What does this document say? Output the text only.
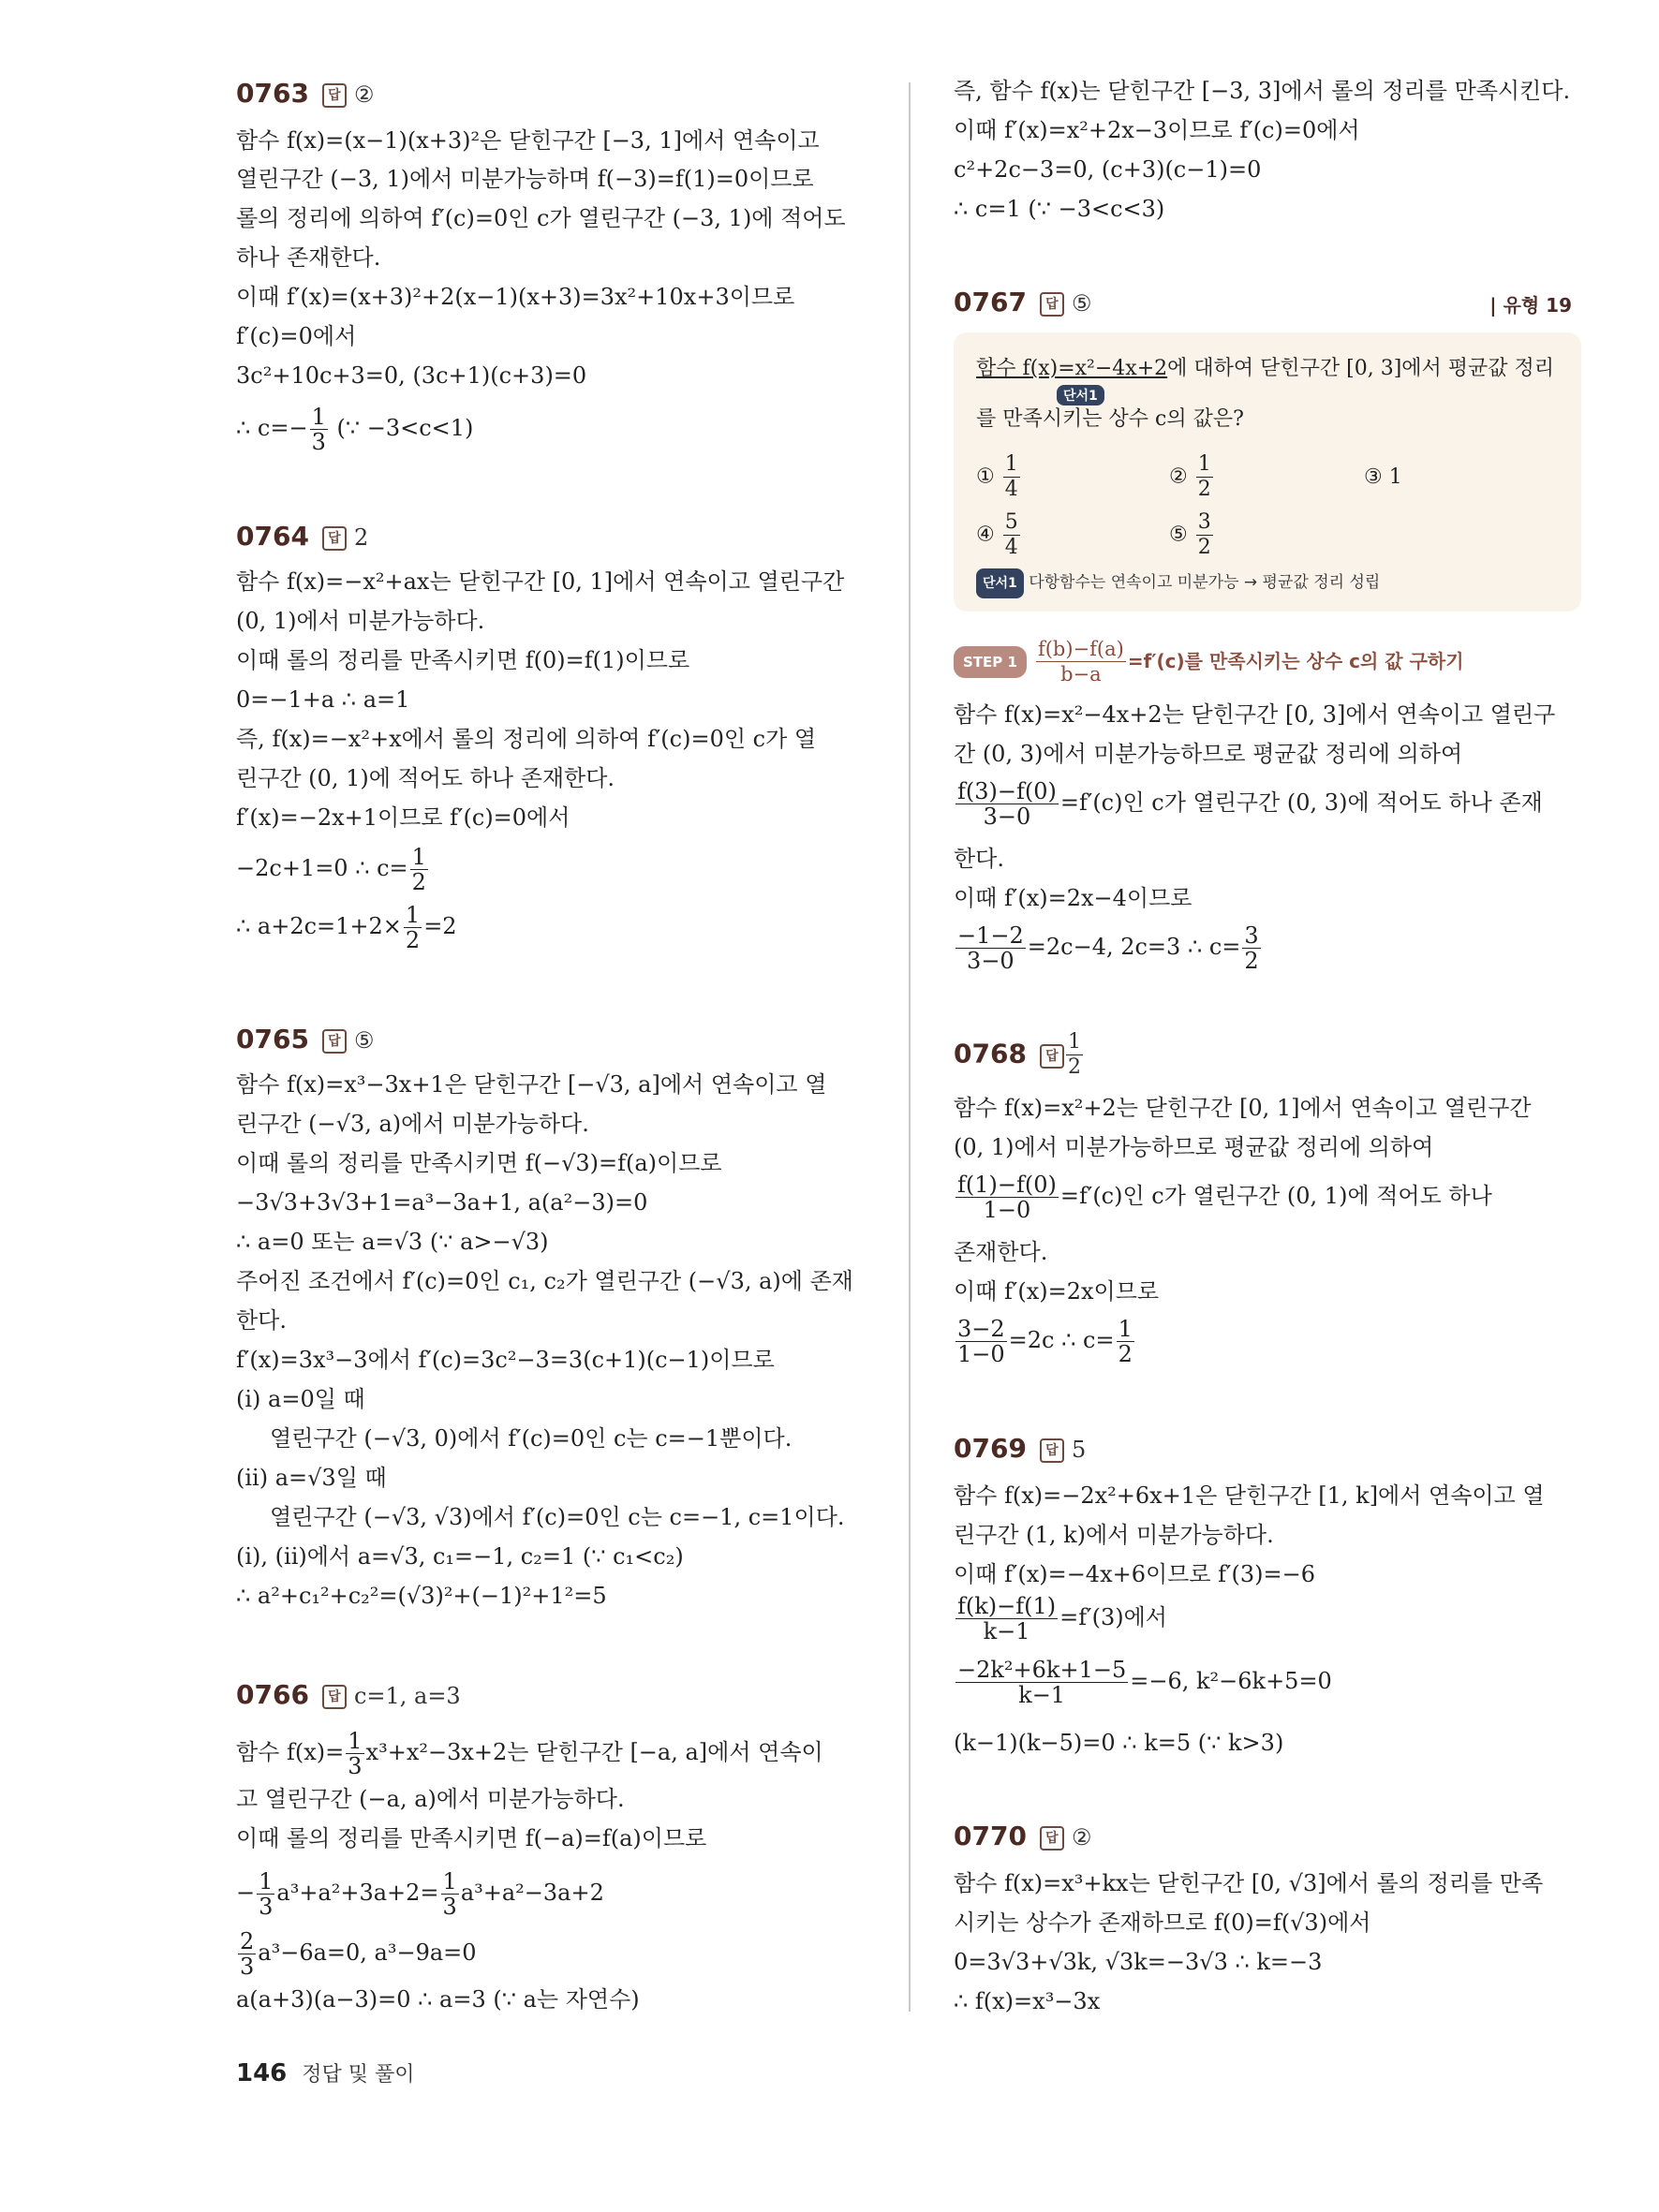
0763 답 ②
함수 f(x)=(x−1)(x+3)²은 닫힌구간 [−3, 1]에서 연속이고
열린구간 (−3, 1)에서 미분가능하며 f(−3)=f(1)=0이므로
롤의 정리에 의하여 f′(c)=0인 c가 열린구간 (−3, 1)에 적어도
하나 존재한다.
이때 f′(x)=(x+3)²+2(x−1)(x+3)=3x²+10x+3이므로
f′(c)=0에서
3c²+10c+3=0, (3c+1)(c+3)=0
∴ $c=- \frac{1}{3}$ (∵ −3<c<1)
0764 답 2
함수 f(x)=−x²+ax는 닫힌구간 [0, 1]에서 연속이고 열린구간
(0, 1)에서 미분가능하다.
이때 롤의 정리를 만족시키면 f(0)=f(1)이므로
0=−1+a ∴ a=1
즉, f(x)=−x²+x에서 롤의 정리에 의하여 f′(c)=0인 c가 열
린구간 (0, 1)에 적어도 하나 존재한다.
f′(x)=−2x+1이므로 f′(c)=0에서
−2c+1=0 ∴ $c= \frac{1}{2}$
∴ $a+2c=1+2\times \frac{1}{2} =2$
0765 답 ⑤
함수 f(x)=x³−3x+1은 닫힌구간 [−√3, a]에서 연속이고 열
린구간 (−√3, a)에서 미분가능하다.
이때 롤의 정리를 만족시키면 f(−√3)=f(a)이므로
−3√3+3√3+1=a³−3a+1, a(a²−3)=0
∴ a=0 또는 a=√3 (∵ a>−√3)
주어진 조건에서 f′(c)=0인 c₁, c₂가 열린구간 (−√3, a)에 존재
한다.
f′(x)=3x³−3에서 f′(c)=3c²−3=3(c+1)(c−1)이므로
(i) a=0일 때
열린구간 (−√3, 0)에서 f′(c)=0인 c는 c=−1뿐이다.
(ii) a=√3일 때
열린구간 (−√3, √3)에서 f′(c)=0인 c는 c=−1, c=1이다.
(i), (ii)에서 a=√3, c₁=−1, c₂=1 (∵ c₁<c₂)
∴ a²+c₁²+c₂²=(√3)²+(−1)²+1²=5
0766 답 c=1, a=3
함수 $f(x)= \frac{1}{3} x^3+x^2-3x+2$는 닫힌구간 [−a, a]에서 연속이
고 열린구간 (−a, a)에서 미분가능하다.
이때 롤의 정리를 만족시키면 f(−a)=f(a)이므로
− $\frac{1}{3} a^3+a^2+3a+2= \frac{1}{3} a^3+a^2-3a+2$
$\frac{2}{3} a^3-6a=0$, a³−9a=0
a(a+3)(a−3)=0 ∴ a=3 (∵ a는 자연수)
즉, 함수 f(x)는 닫힌구간 [−3, 3]에서 롤의 정리를 만족시킨다.
이때 f′(x)=x²+2x−3이므로 f′(c)=0에서
c²+2c−3=0, (c+3)(c−1)=0
∴ c=1 (∵ −3<c<3)
0767 답 ⑤	| 유형 19
함수 f(x)=x²−4x+2에 대하여 닫힌구간 [0, 3]에서 평균값 정리
단서1
를 만족시키는 상수 c의 값은?
① $\frac{1}{4}$	② $\frac{1}{2}$	③ 1
④ $\frac{5}{4}$	⑤ $\frac{3}{2}$
단서1 다항함수는 연속이고 미분가능 → 평균값 정리 성립
STEP $1 \frac{f(b)-f(a)}{b-a} =f'(c)$를 만족시키는 상수 c의 값 구하기
함수 f(x)=x²−4x+2는 닫힌구간 [0, 3]에서 연속이고 열린구
간 (0, 3)에서 미분가능하므로 평균값 정리에 의하여
$\frac{f(3)-f(0)}{3-0} =f'(c)$인 c가 열린구간 (0, 3)에 적어도 하나 존재
한다.
이때 f′(x)=2x−4이므로
$\frac{-1-2}{3-0} =2c-4$, 2c=3 ∴ $c= \frac{3}{2}$
0768 답 $\frac{1}{2}$
함수 f(x)=x²+2는 닫힌구간 [0, 1]에서 연속이고 열린구간
(0, 1)에서 미분가능하므로 평균값 정리에 의하여
$\frac{f(1)-f(0)}{1-0} =f'(c)$인 c가 열린구간 (0, 1)에 적어도 하나
존재한다.
이때 f′(x)=2x이므로
$\frac{3-2}{1-0} =2c$ ∴ $c= \frac{1}{2}$
0769 답 5
함수 f(x)=−2x²+6x+1은 닫힌구간 [1, k]에서 연속이고 열
린구간 (1, k)에서 미분가능하다.
이때 f′(x)=−4x+6이므로 f′(3)=−6
$\frac{f(k)-f(1)}{k-1} =f'(3)$에서
$\frac{\text{−2k²+6k+1−5}}{k-1} =-6$, k²−6k+5=0
(k−1)(k−5)=0 ∴ k=5 (∵ k>3)
0770 답 ②
함수 f(x)=x³+kx는 닫힌구간 [0, √3]에서 롤의 정리를 만족
시키는 상수가 존재하므로 f(0)=f(√3)에서
0=3√3+√3k, √3k=−3√3 ∴ k=−3
∴ f(x)=x³−3x
146 정답 및 풀이
